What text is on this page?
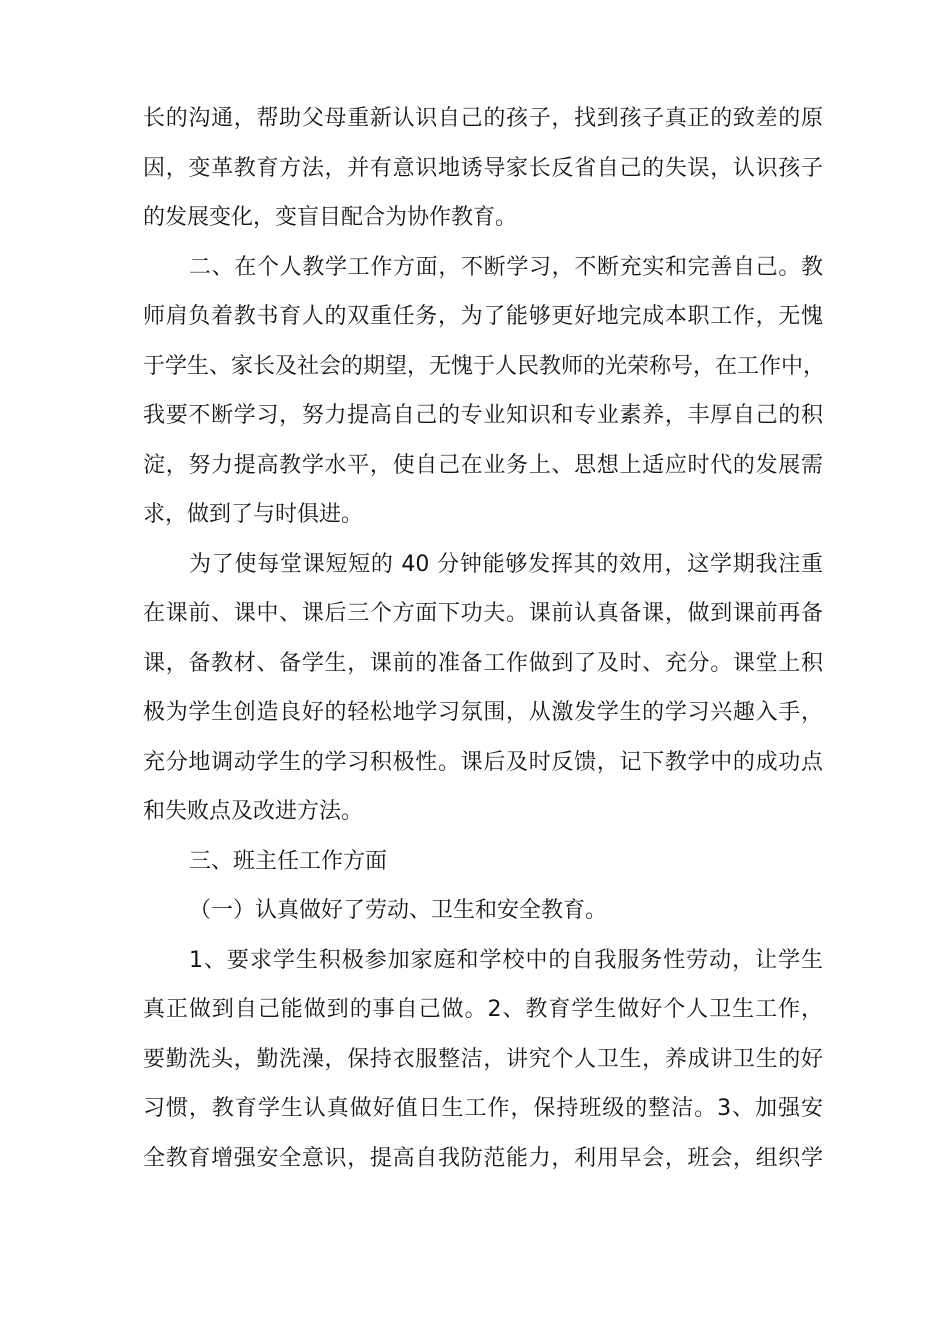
长的沟通，帮助父母重新认识自己的孩子，找到孩子真正的致差的原
因，变革教育方法，并有意识地诱导家长反省自己的失误，认识孩子
的发展变化，变盲目配合为协作教育。
二、在个人教学工作方面，不断学习，不断充实和完善自己。教
师肩负着教书育人的双重任务，为了能够更好地完成本职工作，无愧
于学生、家长及社会的期望，无愧于人民教师的光荣称号，在工作中，
我要不断学习，努力提高自己的专业知识和专业素养，丰厚自己的积
淀，努力提高教学水平，使自己在业务上、思想上适应时代的发展需
求，做到了与时俱进。
为了使每堂课短短的 40 分钟能够发挥其的效用，这学期我注重
在课前、课中、课后三个方面下功夫。课前认真备课，做到课前再备
课，备教材、备学生，课前的准备工作做到了及时、充分。课堂上积
极为学生创造良好的轻松地学习氛围，从激发学生的学习兴趣入手，
充分地调动学生的学习积极性。课后及时反馈，记下教学中的成功点
和失败点及改进方法。
三、班主任工作方面
（一）认真做好了劳动、卫生和安全教育。
1、要求学生积极参加家庭和学校中的自我服务性劳动，让学生
真正做到自己能做到的事自己做。2、教育学生做好个人卫生工作，
要勤洗头，勤洗澡，保持衣服整洁，讲究个人卫生，养成讲卫生的好
习惯，教育学生认真做好值日生工作，保持班级的整洁。3、加强安
全教育增强安全意识，提高自我防范能力，利用早会，班会，组织学
